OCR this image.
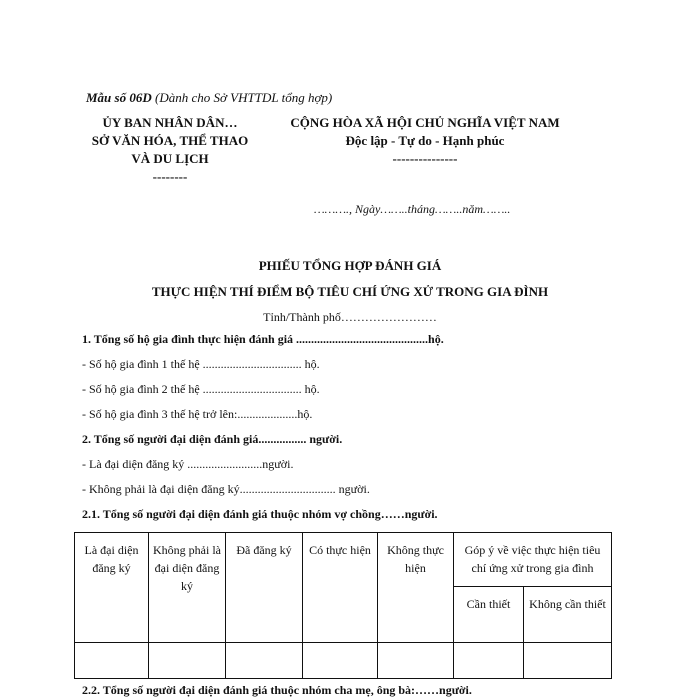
Mẫu số 06D (Dành cho Sở VHTTDL tổng hợp)
ỦY BAN NHÂN DÂN…
SỞ VĂN HÓA, THỂ THAO
VÀ DU LỊCH
--------
CỘNG HÒA XÃ HỘI CHỦ NGHĨA VIỆT NAM
Độc lập - Tự do - Hạnh phúc
---------------
………., Ngày……..tháng……..năm……..
PHIẾU TỔNG HỢP ĐÁNH GIÁ
THỰC HIỆN THÍ ĐIỂM BỘ TIÊU CHÍ ỨNG XỬ TRONG GIA ĐÌNH
Tỉnh/Thành phố……………………
1. Tổng số hộ gia đình thực hiện đánh giá ............................................hộ.
- Số hộ gia đình 1 thế hệ ................................. hộ.
- Số hộ gia đình 2 thế hệ ................................. hộ.
- Số hộ gia đình 3 thế hệ trở lên:....................hộ.
2. Tổng số người đại diện đánh giá................ người.
- Là đại diện đăng ký .........................người.
- Không phải là đại diện đăng ký................................ người.
2.1. Tổng số người đại diện đánh giá thuộc nhóm vợ chồng……người.
Là đại diện đăng ký	Không phải là đại diện đăng ký	Đã đăng ký	Có thực hiện	Không thực hiện	Góp ý về việc thực hiện tiêu chí ứng xử trong gia đình	
					Cần thiết	Không cần thiết

2.2. Tổng số người đại diện đánh giá thuộc nhóm cha mẹ, ông bà:……người.
